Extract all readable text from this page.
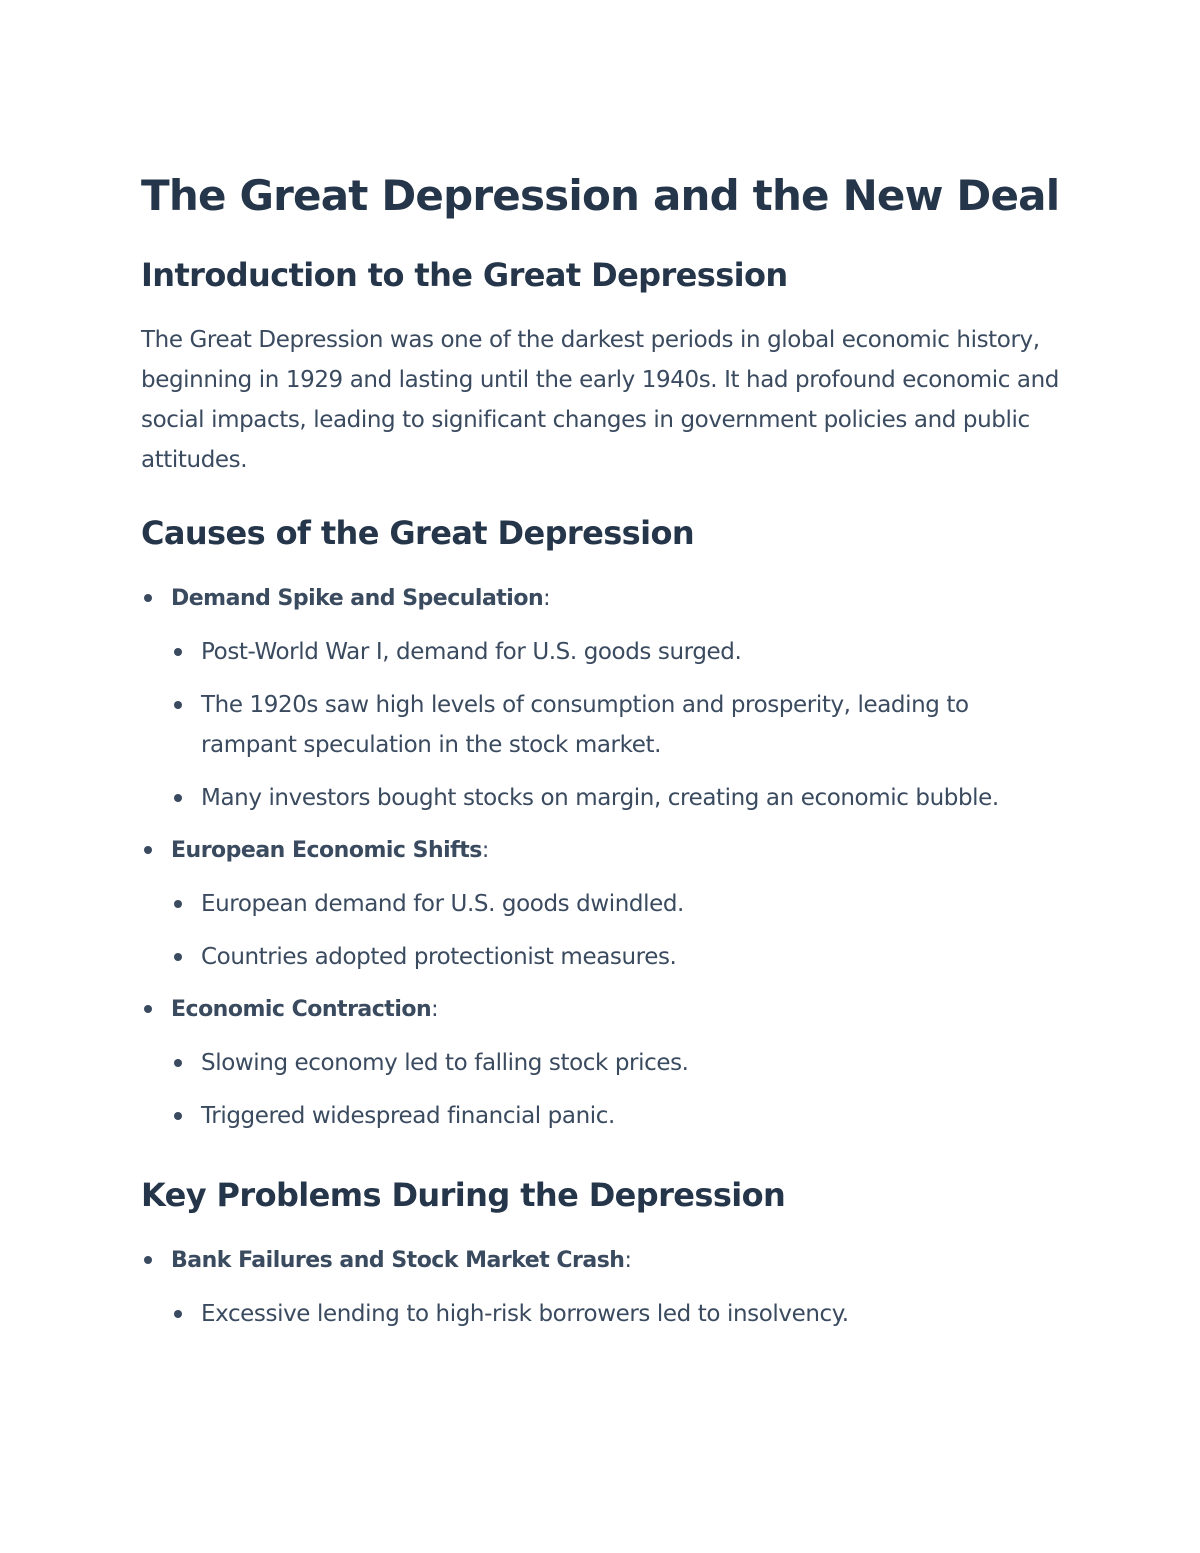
The Great Depression and the New Deal
Introduction to the Great Depression

The Great Depression was one of the darkest periods in global economic history, beginning in 1929 and lasting until the early 1940s. It had profound economic and social impacts, leading to significant changes in government policies and public attitudes.

Causes of the Great Depression
Demand Spike and Speculation:
Post-World War I, demand for U.S. goods surged.
The 1920s saw high levels of consumption and prosperity, leading to rampant speculation in the stock market.
Many investors bought stocks on margin, creating an economic bubble.
European Economic Shifts:
European demand for U.S. goods dwindled.
Countries adopted protectionist measures.
Economic Contraction:
Slowing economy led to falling stock prices.
Triggered widespread financial panic.
Key Problems During the Depression
Bank Failures and Stock Market Crash:
Excessive lending to high-risk borrowers led to insolvency.
